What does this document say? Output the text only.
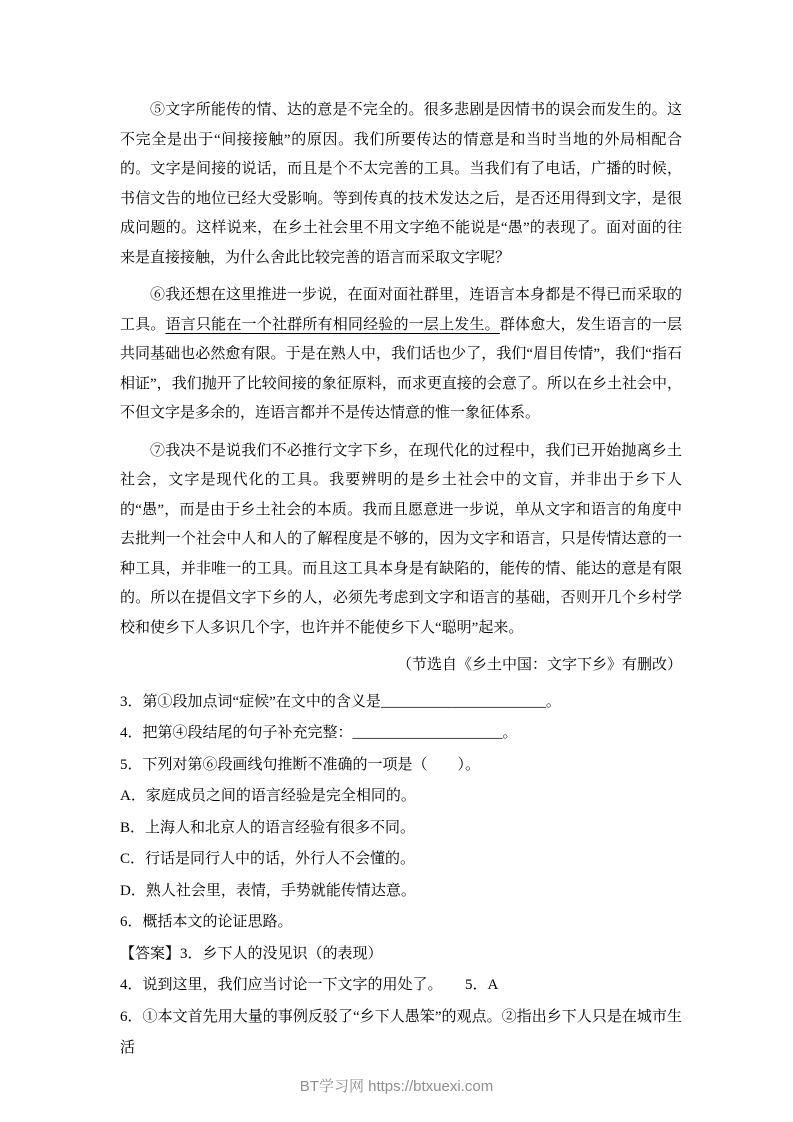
⑤文字所能传的情、达的意是不完全的。很多悲剧是因情书的误会而发生的。这不完全是出于“间接接触”的原因。我们所要传达的情意是和当时当地的外局相配合的。文字是间接的说话，而且是个不太完善的工具。当我们有了电话，广播的时候，书信文告的地位已经大受影响。等到传真的技术发达之后，是否还用得到文字，是很成问题的。这样说来，在乡土社会里不用文字绝不能说是“愚”的表现了。面对面的往来是直接接触，为什么舍此比较完善的语言而采取文字呢？

⑥我还想在这里推进一步说，在面对面社群里，连语言本身都是不得已而采取的工具。语言只能在一个社群所有相同经验的一层上发生。群体愈大，发生语言的一层共同基础也必然愈有限。于是在熟人中，我们话也少了，我们“眉目传情”，我们“指石相证”，我们抛开了比较间接的象征原料，而求更直接的会意了。所以在乡土社会中，不但文字是多余的，连语言都并不是传达情意的惟一象征体系。

⑦我决不是说我们不必推行文字下乡，在现代化的过程中，我们已开始抛离乡土社会，文字是现代化的工具。我要辨明的是乡土社会中的文盲，并非出于乡下人的“愚”，而是由于乡土社会的本质。我而且愿意进一步说，单从文字和语言的角度中去批判一个社会中人和人的了解程度是不够的，因为文字和语言，只是传情达意的一种工具，并非唯一的工具。而且这工具本身是有缺陷的，能传的情、能达的意是有限的。所以在提倡文字下乡的人，必须先考虑到文字和语言的基础，否则开几个乡村学校和使乡下人多识几个字，也许并不能使乡下人“聪明”起来。

（节选自《乡土中国：文字下乡》有删改）

3．第①段加点词“症候”在文中的含义是______________________。
4．把第④段结尾的句子补充完整：____________________。
5．下列对第⑥段画线句推断不准确的一项是（　　）。
A．家庭成员之间的语言经验是完全相同的。
B．上海人和北京人的语言经验有很多不同。
C．行话是同行人中的话，外行人不会懂的。
D．熟人社会里，表情，手势就能传情达意。
6．概括本文的论证思路。
【答案】3．乡下人的没见识（的表现）
4．说到这里，我们应当讨论一下文字的用处了。　　5．A
6．①本文首先用大量的事例反驳了“乡下人愚笨”的观点。②指出乡下人只是在城市生活
BT学习网 https://btxuexi.com
